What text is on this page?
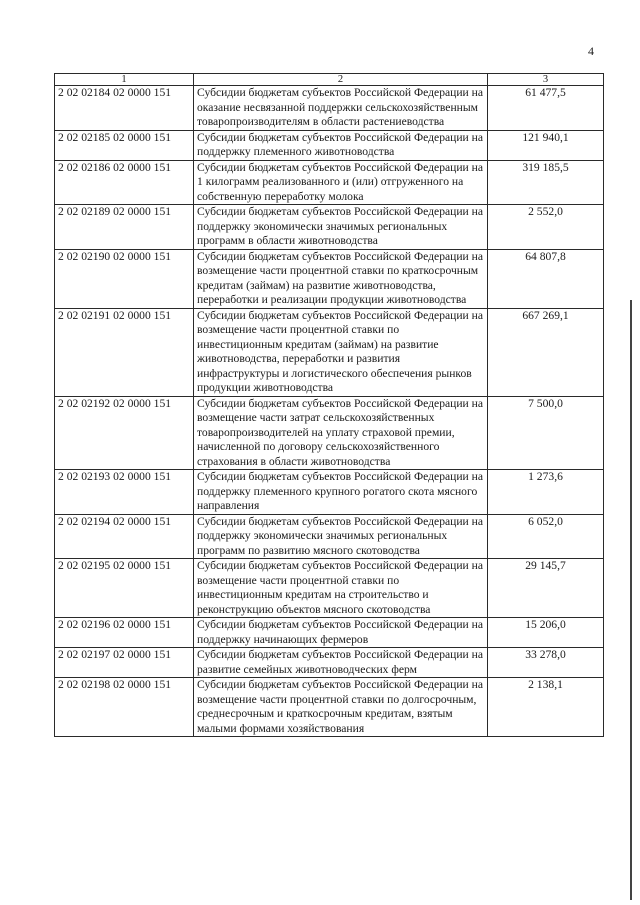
4
1	2	3
2 02 02184 02 0000 151	Субсидии бюджетам субъектов Российской Федерации на оказание несвязанной поддержки сельскохозяйственным товаропроизводителям в области растениеводства	61 477,5
2 02 02185 02 0000 151	Субсидии бюджетам субъектов Российской Федерации на поддержку племенного животноводства	121 940,1
2 02 02186 02 0000 151	Субсидии бюджетам субъектов Российской Федерации на 1 килограмм реализованного и (или) отгруженного на собственную переработку молока	319 185,5
2 02 02189 02 0000 151	Субсидии бюджетам субъектов Российской Федерации на поддержку экономически значимых региональных программ в области животноводства	2 552,0
2 02 02190 02 0000 151	Субсидии бюджетам субъектов Российской Федерации на возмещение части процентной ставки по краткосрочным кредитам (займам) на развитие животноводства, переработки и реализации продукции животноводства	64 807,8
2 02 02191 02 0000 151	Субсидии бюджетам субъектов Российской Федерации на возмещение части процентной ставки по инвестиционным кредитам (займам) на развитие животноводства, переработки и развития инфраструктуры и логистического обеспечения рынков продукции животноводства	667 269,1
2 02 02192 02 0000 151	Субсидии бюджетам субъектов Российской Федерации на возмещение части затрат сельскохозяйственных товаропроизводителей на уплату страховой премии, начисленной по договору сельскохозяйственного страхования в области животноводства	7 500,0
2 02 02193 02 0000 151	Субсидии бюджетам субъектов Российской Федерации на поддержку племенного крупного рогатого скота мясного направления	1 273,6
2 02 02194 02 0000 151	Субсидии бюджетам субъектов Российской Федерации на поддержку экономически значимых региональных программ по развитию мясного скотоводства	6 052,0
2 02 02195 02 0000 151	Субсидии бюджетам субъектов Российской Федерации на возмещение части процентной ставки по инвестиционным кредитам на строительство и реконструкцию объектов мясного скотоводства	29 145,7
2 02 02196 02 0000 151	Субсидии бюджетам субъектов Российской Федерации на поддержку начинающих фермеров	15 206,0
2 02 02197 02 0000 151	Субсидии бюджетам субъектов Российской Федерации на развитие семейных животноводческих ферм	33 278,0
2 02 02198 02 0000 151	Субсидии бюджетам субъектов Российской Федерации на возмещение части процентной ставки по долгосрочным, среднесрочным и краткосрочным кредитам, взятым малыми формами хозяйствования	2 138,1
